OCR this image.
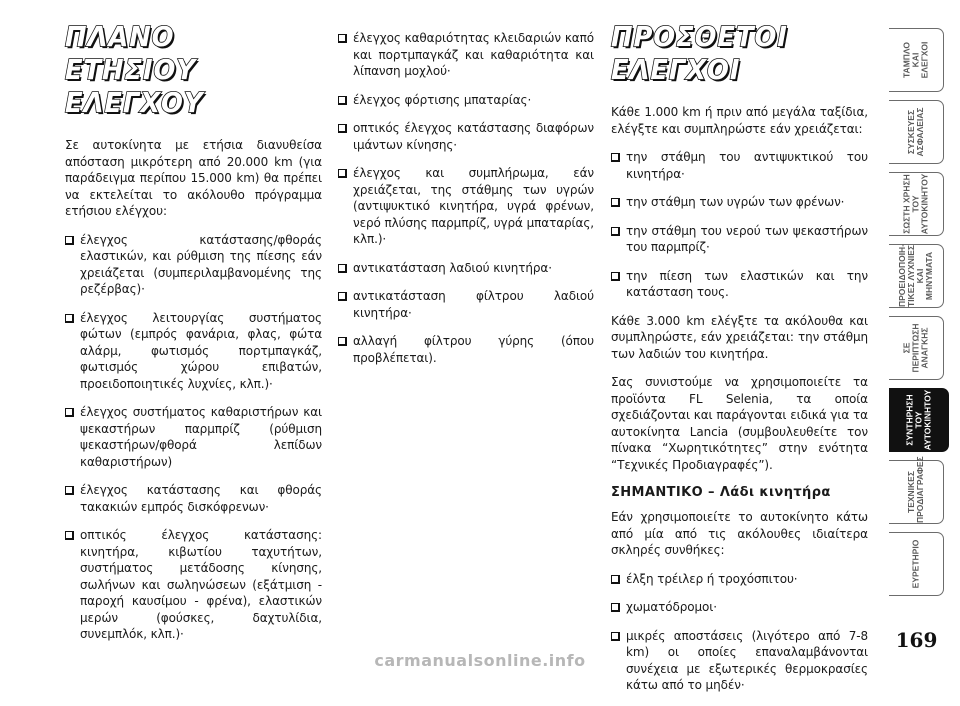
ΠΛΑΝΟ ΕΤΗΣΙΟΥ
ΕΛΕΓΧΟΥ

Σε αυτοκίνητα με ετήσια διανυθείσα απόσταση μικρότερη από 20.000 km (για παράδειγμα περίπου 15.000 km) θα πρέπει να εκτελείται το ακόλουθο πρόγραμμα ετήσιου ελέγχου:

έλεγχος κατάστασης/φθοράς ελαστικών, και ρύθμιση της πίεσης εάν χρειάζεται (συμπεριλαμβανομένης της ρεζέρβας)·
έλεγχος λειτουργίας συστήματος φώτων (εμπρός φανάρια, φλας, φώτα αλάρμ, φωτισμός πορτμπαγκάζ, φωτισμός χώρου επιβατών, προειδοποιητικές λυχνίες, κλπ.)·
έλεγχος συστήματος καθαριστήρων και ψεκαστήρων παρμπρίζ (ρύθμιση ψεκαστήρων/φθορά λεπίδων καθαριστήρων)
έλεγχος κατάστασης και φθοράς τακακιών εμπρός δισκόφρενων·
οπτικός έλεγχος κατάστασης: κινητήρα, κιβωτίου ταχυτήτων, συστήματος μετάδοσης κίνησης, σωλήνων και σωληνώσεων (εξάτμιση - παροχή καυσίμου - φρένα), ελαστικών μερών (φούσκες, δαχτυλίδια, συνεμπλόκ, κλπ.)·
έλεγχος καθαριότητας κλειδαριών καπό και πορτμπαγκάζ και καθαριότητα και λίπανση μοχλού·
έλεγχος φόρτισης μπαταρίας·
οπτικός έλεγχος κατάστασης διαφόρων ιμάντων κίνησης·
έλεγχος και συμπλήρωμα, εάν χρειάζεται, της στάθμης των υγρών (αντιψυκτικό κινητήρα, υγρά φρένων, νερό πλύσης παρμπρίζ, υγρά μπαταρίας, κλπ.)·
αντικατάσταση λαδιού κινητήρα·
αντικατάσταση φίλτρου λαδιού κινητήρα·
αλλαγή φίλτρου γύρης (όπου προβλέπεται).
ΠΡΟΣΘΕΤΟΙ
ΕΛΕΓΧΟΙ

Κάθε 1.000 km ή πριν από μεγάλα ταξίδια, ελέγξτε και συμπληρώστε εάν χρειάζεται:

την στάθμη του αντιψυκτικού του κινητήρα·
την στάθμη των υγρών των φρένων·
την στάθμη του νερού των ψεκαστήρων του παρμπρίζ·
την πίεση των ελαστικών και την κατάσταση τους.

Κάθε 3.000 km ελέγξτε τα ακόλουθα και συμπληρώστε, εάν χρειάζεται: την στάθμη των λαδιών του κινητήρα.

Σας συνιστούμε να χρησιμοποιείτε τα προϊόντα FL Selenia, τα οποία σχεδιάζονται και παράγονται ειδικά για τα αυτοκίνητα Lancia (συμβουλευθείτε τον πίνακα “Χωρητικότητες” στην ενότητα “Τεχνικές Προδιαγραφές”).

ΣΗΜΑΝΤΙΚΟ – Λάδι κινητήρα

Εάν χρησιμοποιείτε το αυτοκίνητο κάτω από μία από τις ακόλουθες ιδιαίτερα σκληρές συνθήκες:

έλξη τρέιλερ ή τροχόσπιτου·
χωματόδρομοι·
μικρές αποστάσεις (λιγότερο από 7-8 km) οι οποίες επαναλαμβάνονται συνέχεια με εξωτερικές θερμοκρασίες κάτω από το μηδέν·
ΤΑΜΠΛΟ
ΚΑΙ
ΕΛΕΓΧΟΙ
ΣΥΣΚΕΥΕΣ
ΑΣΦΑΛΕΙΑΣ
ΣΩΣΤΗ ΧΡΗΣΗ
ΤΟΥ
ΑΥΤΟΚΙΝΗΤΟΥ
ΠΡΟΕΙΔΟΠΟΙΗ-
ΤΙΚΕΣ ΛΥΧΝΙΕΣ
ΚΑΙ ΜΗΝΥΜΑΤΑ
ΣΕ ΠΕΡΙΠΤΩΣΗ
ΑΝΑΓΚΗΣ
ΣΥΝΤΗΡΗΣΗ
ΤΟΥ
ΑΥΤΟΚΙΝΗΤΟΥ
ΤΕΧΝΙΚΕΣ
ΠΡΟΔΙΑΓΡΑΦΕΣ
ΕΥΡΕΤΗΡΙΟ
169
carmanualsonline.info
